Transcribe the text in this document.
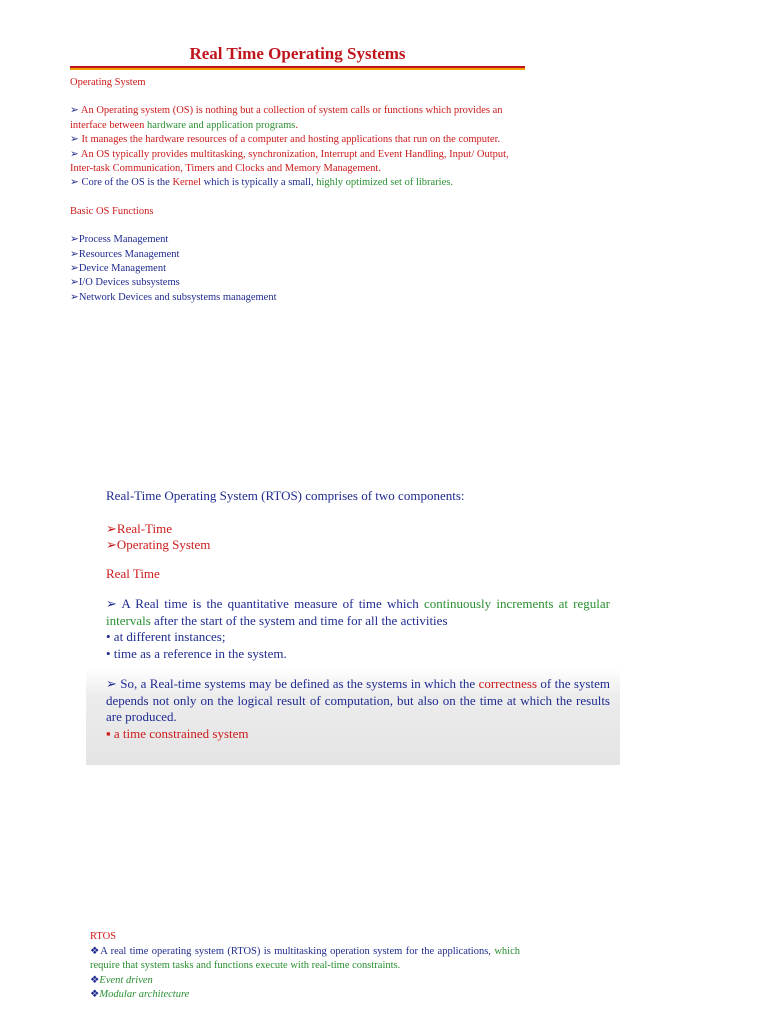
Real Time Operating Systems
Operating System
➢ An Operating system (OS) is nothing but a collection of system calls or functions which provides an interface between hardware and application programs.
➢ It manages the hardware resources of a computer and hosting applications that run on the computer.
➢ An OS typically provides multitasking, synchronization, Interrupt and Event Handling, Input/ Output, Inter-task Communication, Timers and Clocks and Memory Management.
➢ Core of the OS is the Kernel which is typically a small, highly optimized set of libraries.
Basic OS Functions
➢Process Management
➢Resources Management
➢Device Management
➢I/O Devices subsystems
➢Network Devices and subsystems management
Real-Time Operating System (RTOS) comprises of two components:
➢Real-Time
➢Operating System
Real Time
➢ A Real time is the quantitative measure of time which continuously increments at regular intervals after the start of the system and time for all the activities
• at different instances;
• time as a reference in the system.
➢ So, a Real-time systems may be defined as the systems in which the correctness of the system depends not only on the logical result of computation, but also on the time at which the results are produced.
▪ a time constrained system
RTOS
❖A real time operating system (RTOS) is multitasking operation system for the applications, which require that system tasks and functions execute with real-time constraints.
❖Event driven
❖Modular architecture
